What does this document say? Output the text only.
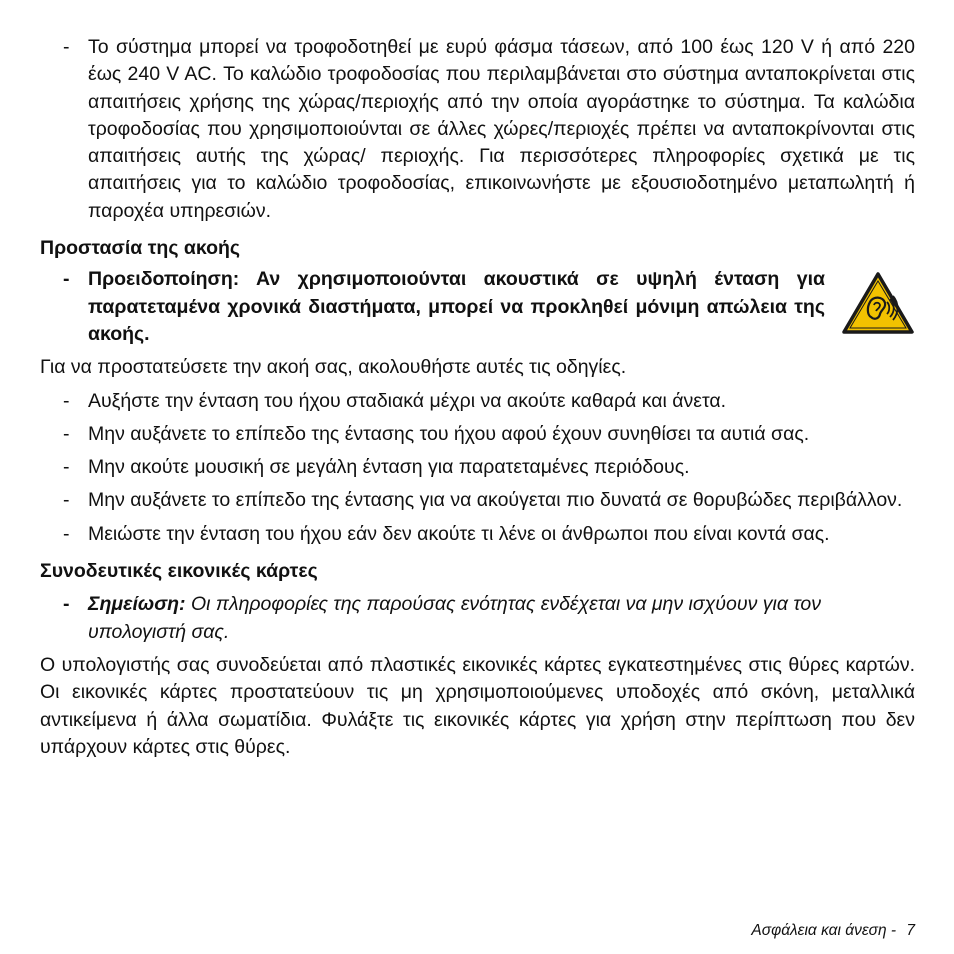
- Το σύστημα μπορεί να τροφοδοτηθεί με ευρύ φάσμα τάσεων, από 100 έως 120 V ή από 220 έως 240 V AC. Το καλώδιο τροφοδοσίας που περιλαμβάνεται στο σύστημα ανταποκρίνεται στις απαιτήσεις χρήσης της χώρας/περιοχής από την οποία αγοράστηκε το σύστημα. Τα καλώδια τροφοδοσίας που χρησιμοποιούνται σε άλλες χώρες/περιοχές πρέπει να ανταποκρίνονται στις απαιτήσεις αυτής της χώρας/ περιοχής. Για περισσότερες πληροφορίες σχετικά με τις απαιτήσεις για το καλώδιο τροφοδοσίας, επικοινωνήστε με εξουσιοδοτημένο μεταπωλητή ή παροχέα υπηρεσιών.
Προστασία της ακοής
- Προειδοποίηση: Αν χρησιμοποιούνται ακουστικά σε υψηλή ένταση για παρατεταμένα χρονικά διαστήματα, μπορεί να προκληθεί μόνιμη απώλεια της ακοής.
Για να προστατεύσετε την ακοή σας, ακολουθήστε αυτές τις οδηγίες.
- Αυξήστε την ένταση του ήχου σταδιακά μέχρι να ακούτε καθαρά και άνετα.
- Μην αυξάνετε το επίπεδο της έντασης του ήχου αφού έχουν συνηθίσει τα αυτιά σας.
- Μην ακούτε μουσική σε μεγάλη ένταση για παρατεταμένες περιόδους.
- Μην αυξάνετε το επίπεδο της έντασης για να ακούγεται πιο δυνατά σε θορυβώδες περιβάλλον.
- Μειώστε την ένταση του ήχου εάν δεν ακούτε τι λένε οι άνθρωποι που είναι κοντά σας.
Συνοδευτικές εικονικές κάρτες
- Σημείωση: Οι πληροφορίες της παρούσας ενότητας ενδέχεται να μην ισχύουν για τον υπολογιστή σας.
Ο υπολογιστής σας συνοδεύεται από πλαστικές εικονικές κάρτες εγκατεστημένες στις θύρες καρτών. Οι εικονικές κάρτες προστατεύουν τις μη χρησιμοποιούμενες υποδοχές από σκόνη, μεταλλικά αντικείμενα ή άλλα σωματίδια. Φυλάξτε τις εικονικές κάρτες για χρήση στην περίπτωση που δεν υπάρχουν κάρτες στις θύρες.
Ασφάλεια και άνεση - 7
